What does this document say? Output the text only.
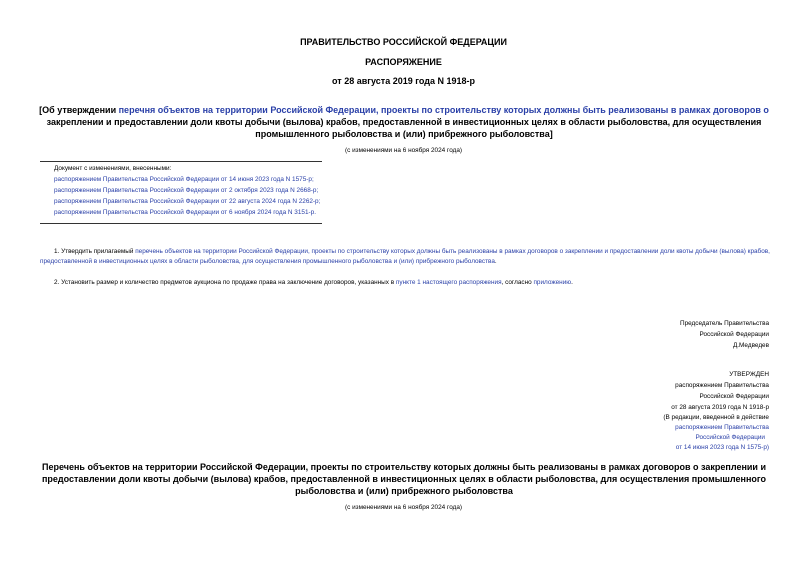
ПРАВИТЕЛЬСТВО РОССИЙСКОЙ ФЕДЕРАЦИИ
РАСПОРЯЖЕНИЕ
от 28 августа 2019 года N 1918-р
[Об утверждении перечня объектов на территории Российской Федерации, проекты по строительству которых должны быть реализованы в рамках договоров о закреплении и предоставлении доли квоты добычи (вылова) крабов, предоставленной в инвестиционных целях в области рыболовства, для осуществления промышленного рыболовства и (или) прибрежного рыболовства]
(с изменениями на 6 ноября 2024 года)
Документ с изменениями, внесенными:
распоряжением Правительства Российской Федерации от 14 июня 2023 года N 1575-р;
распоряжением Правительства Российской Федерации от 2 октября 2023 года N 2668-р;
распоряжением Правительства Российской Федерации от 22 августа 2024 года N 2262-р;
распоряжением Правительства Российской Федерации от 6 ноября 2024 года N 3151-р.
1. Утвердить прилагаемый перечень объектов на территории Российской Федерации, проекты по строительству которых должны быть реализованы в рамках договоров о закреплении и предоставлении доли квоты добычи (вылова) крабов, предоставленной в инвестиционных целях в области рыболовства, для осуществления промышленного рыболовства и (или) прибрежного рыболовства.
2. Установить размер и количество предметов аукциона по продаже права на заключение договоров, указанных в пункте 1 настоящего распоряжения, согласно приложению.
Председатель Правительства
Российской Федерации
Д.Медведев
УТВЕРЖДЕН
распоряжением Правительства
Российской Федерации
от 28 августа 2019 года N 1918-р
(В редакции, введенной в действие
распоряжением Правительства
Российской Федерации
от 14 июня 2023 года N 1575-р)
Перечень объектов на территории Российской Федерации, проекты по строительству которых должны быть реализованы в рамках договоров о закреплении и предоставлении доли квоты добычи (вылова) крабов, предоставленной в инвестиционных целях в области рыболовства, для осуществления промышленного рыболовства и (или) прибрежного рыболовства
(с изменениями на 6 ноября 2024 года)
